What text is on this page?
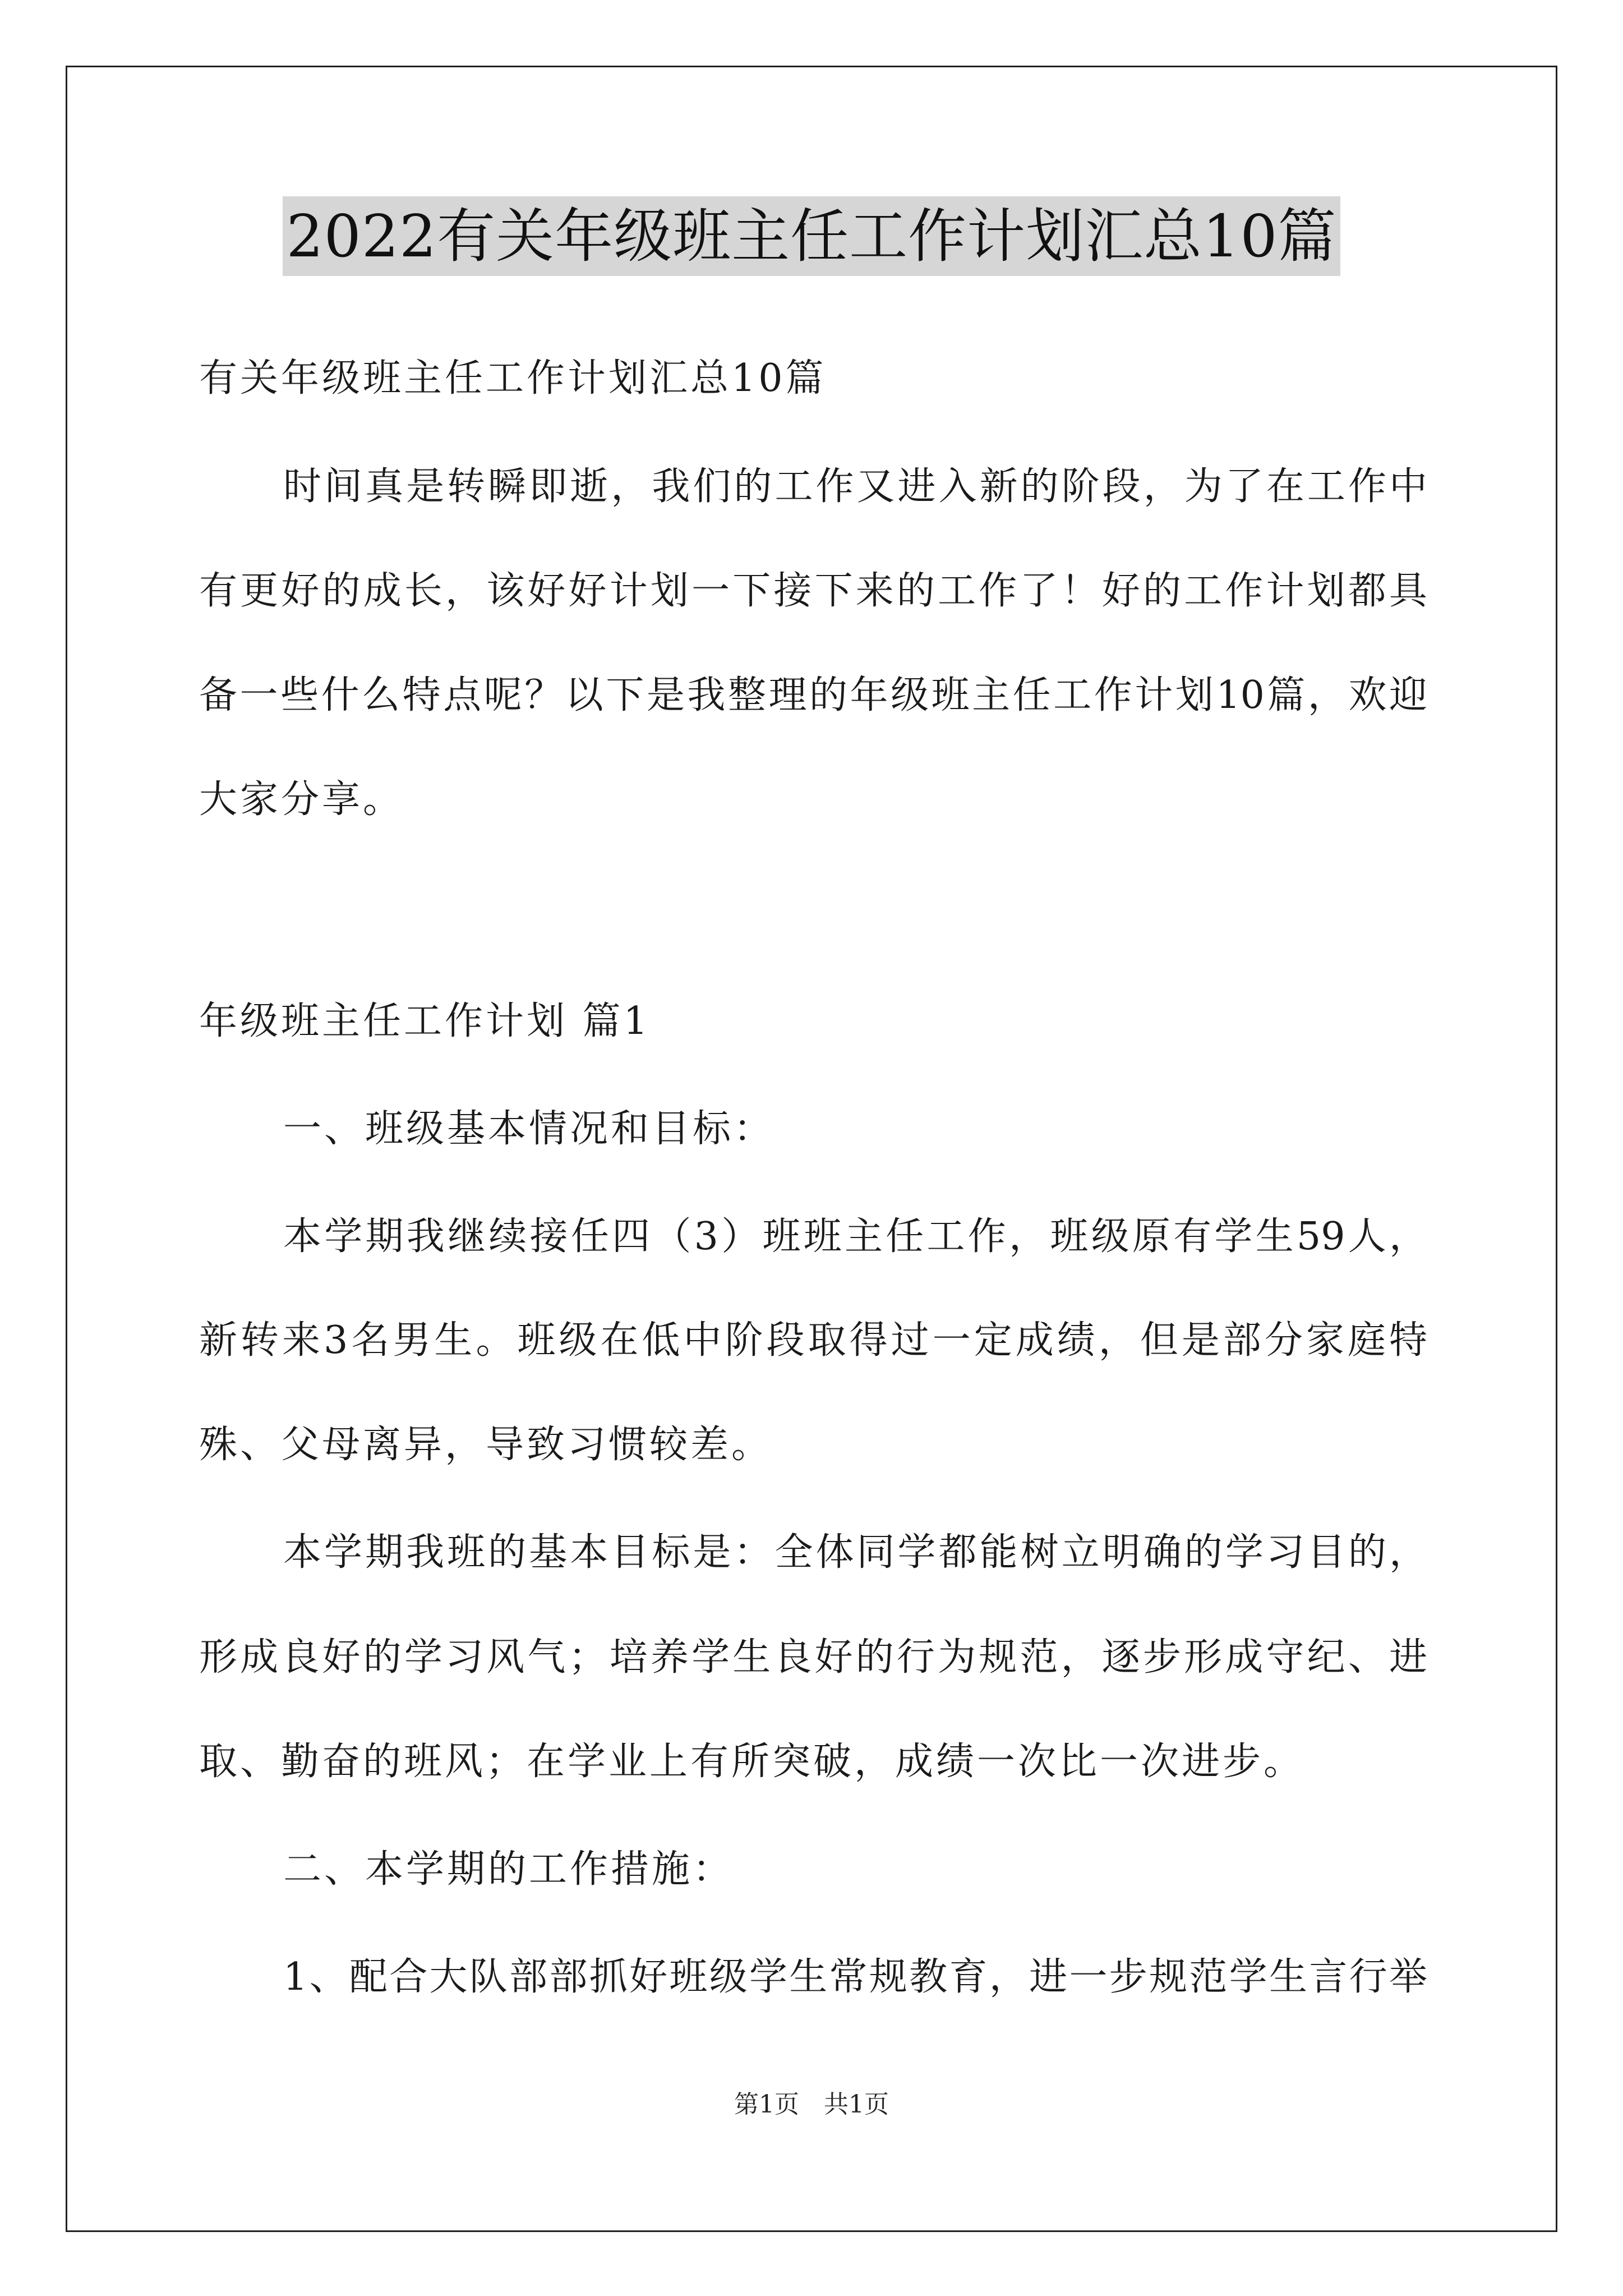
2022有关年级班主任工作计划汇总10篇
有关年级班主任工作计划汇总10篇
时间真是转瞬即逝，我们的工作又进入新的阶段，为了在工作中
有更好的成长，该好好计划一下接下来的工作了！好的工作计划都具
备一些什么特点呢？以下是我整理的年级班主任工作计划10篇，欢迎
大家分享。
年级班主任工作计划 篇1
一、班级基本情况和目标：
本学期我继续接任四（3）班班主任工作，班级原有学生59人，
新转来3名男生。班级在低中阶段取得过一定成绩，但是部分家庭特
殊、父母离异，导致习惯较差。
本学期我班的基本目标是：全体同学都能树立明确的学习目的，
形成良好的学习风气；培养学生良好的行为规范，逐步形成守纪、进
取、勤奋的班风；在学业上有所突破，成绩一次比一次进步。
二、本学期的工作措施：
1、配合大队部部抓好班级学生常规教育，进一步规范学生言行举
第1页 共1页
